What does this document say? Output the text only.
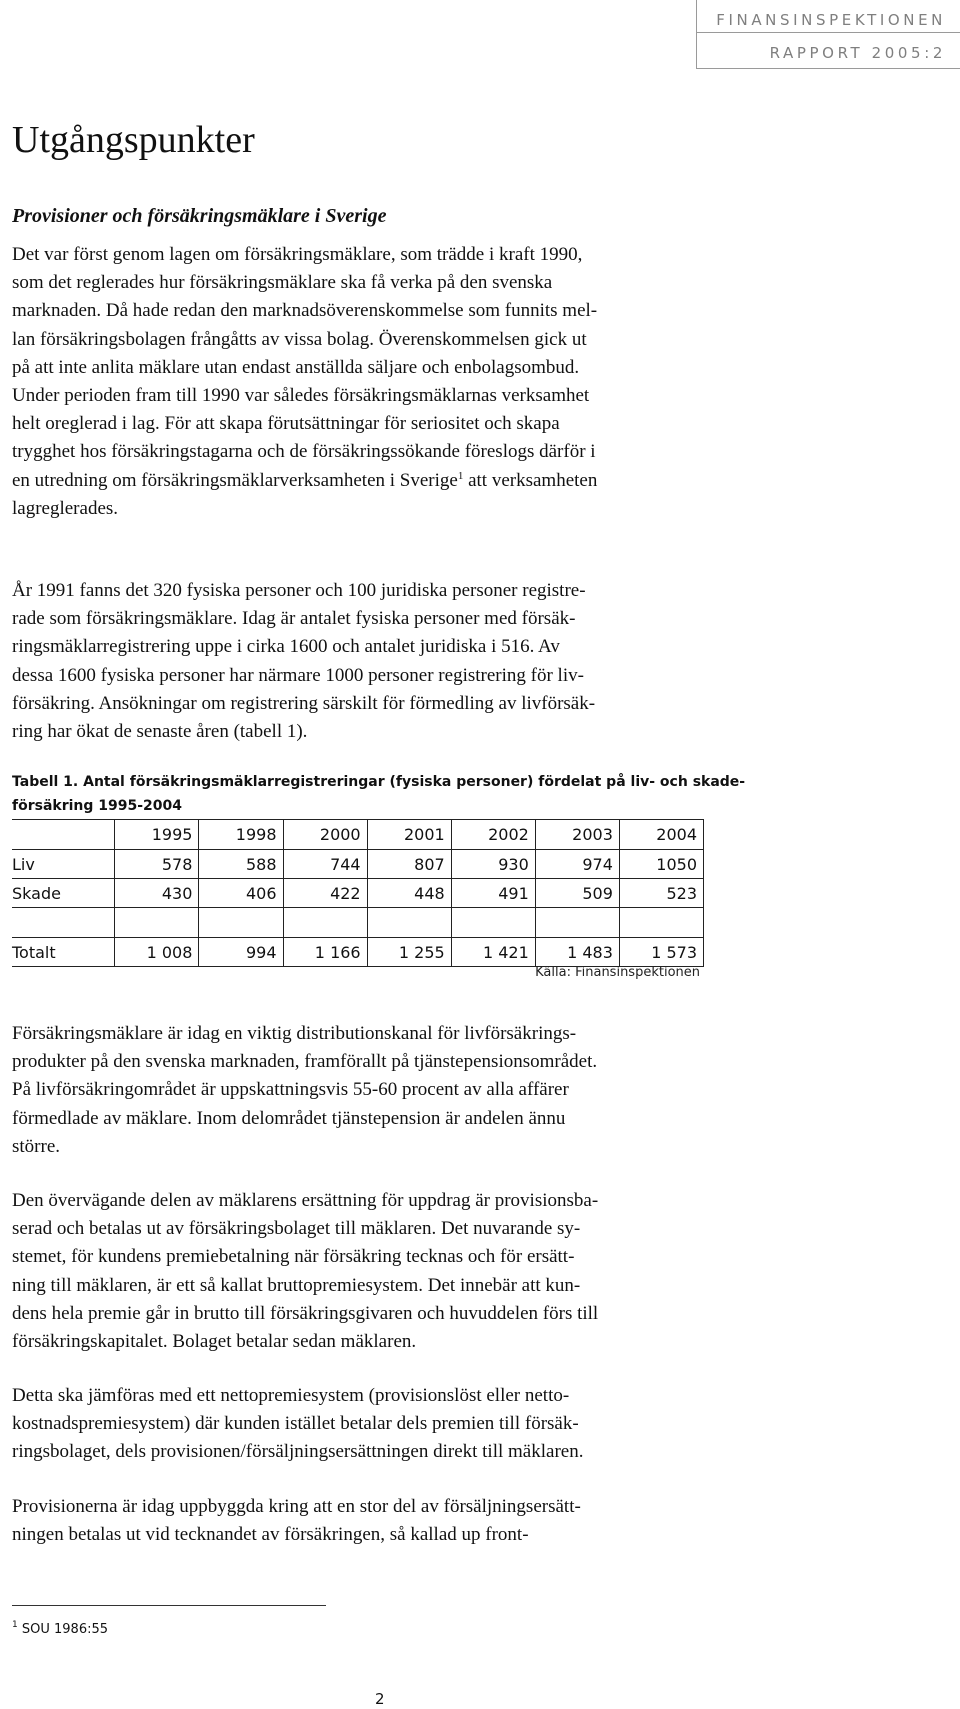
FINANSINSPEKTIONEN
RAPPORT 2005:2
Utgångspunkter
Provisioner och försäkringsmäklare i Sverige
Det var först genom lagen om försäkringsmäklare, som trädde i kraft 1990,
som det reglerades hur försäkringsmäklare ska få verka på den svenska
marknaden. Då hade redan den marknadsöverenskommelse som funnits mel-
lan försäkringsbolagen frångåtts av vissa bolag. Överenskommelsen gick ut
på att inte anlita mäklare utan endast anställda säljare och enbolagsombud.
Under perioden fram till 1990 var således försäkringsmäklarnas verksamhet
helt oreglerad i lag. För att skapa förutsättningar för seriositet och skapa
trygghet hos försäkringstagarna och de försäkringssökande föreslogs därför i
en utredning om försäkringsmäklarverksamheten i Sverige$^1$ att verksamheten
lagreglerades.
År 1991 fanns det 320 fysiska personer och 100 juridiska personer registre-
rade som försäkringsmäklare. Idag är antalet fysiska personer med försäk-
ringsmäklarregistrering uppe i cirka 1600 och antalet juridiska i 516. Av
dessa 1600 fysiska personer har närmare 1000 personer registrering för liv-
försäkring. Ansökningar om registrering särskilt för förmedling av livförsäk-
ring har ökat de senaste åren (tabell 1).
Tabell 1. Antal försäkringsmäklarregistreringar (fysiska personer) fördelat på liv- och skade-
försäkring 1995-2004
	1995	1998	2000	2001	2002	2003	2004
Liv	578	588	744	807	930	974	1050
Skade	430	406	422	448	491	509	523

Totalt	1 008	994	1 166	1 255	1 421	1 483	1 573
Källa: Finansinspektionen
Försäkringsmäklare är idag en viktig distributionskanal för livförsäkrings-
produkter på den svenska marknaden, framförallt på tjänstepensionsområdet.
På livförsäkringområdet är uppskattningsvis 55-60 procent av alla affärer
förmedlade av mäklare. Inom delområdet tjänstepension är andelen ännu
större.
Den övervägande delen av mäklarens ersättning för uppdrag är provisionsba-
serad och betalas ut av försäkringsbolaget till mäklaren. Det nuvarande sy-
stemet, för kundens premiebetalning när försäkring tecknas och för ersätt-
ning till mäklaren, är ett så kallat bruttopremiesystem. Det innebär att kun-
dens hela premie går in brutto till försäkringsgivaren och huvuddelen förs till
försäkringskapitalet. Bolaget betalar sedan mäklaren.
Detta ska jämföras med ett nettopremiesystem (provisionslöst eller netto-
kostnadspremiesystem) där kunden istället betalar dels premien till försäk-
ringsbolaget, dels provisionen/försäljningsersättningen direkt till mäklaren.
Provisionerna är idag uppbyggda kring att en stor del av försäljningsersätt-
ningen betalas ut vid tecknandet av försäkringen, så kallad up front-
$^1$ SOU 1986:55
2
